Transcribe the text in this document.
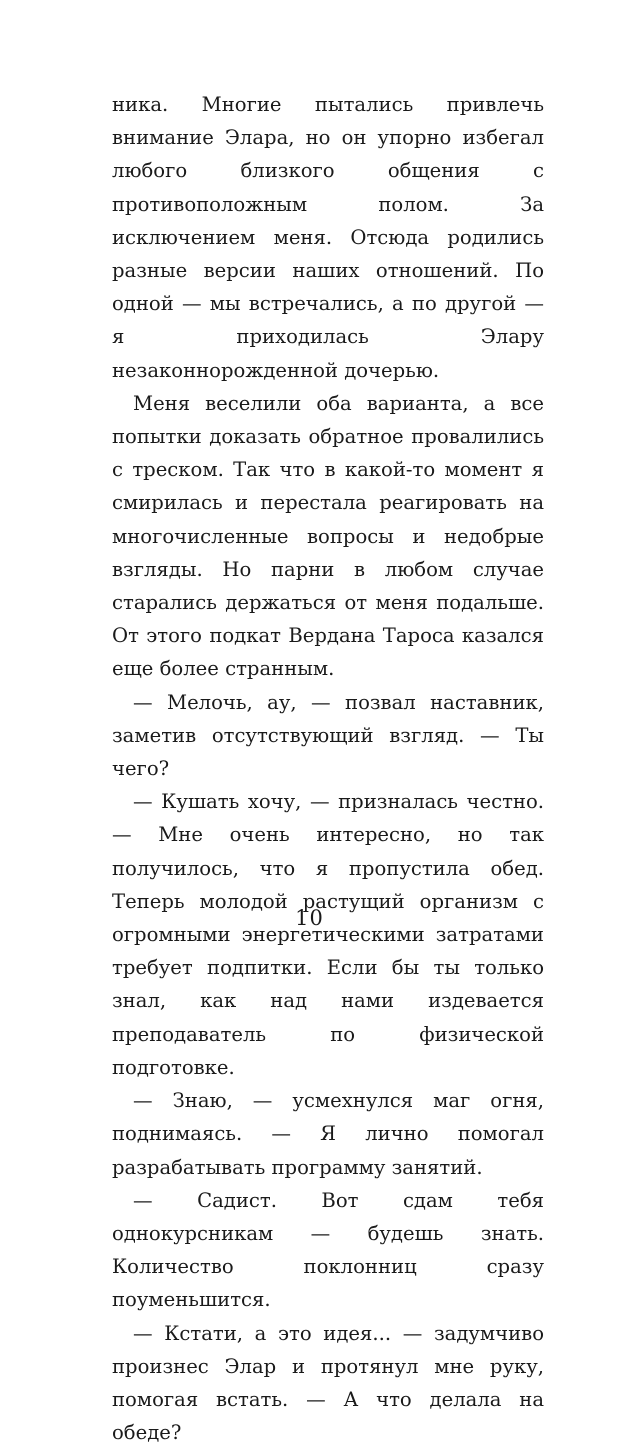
ника. Многие пытались привлечь внимание Элара, но он упорно избегал любого близкого общения с противоположным полом. За исключением меня. Отсюда родились разные версии наших отношений. По одной — мы встречались, а по другой — я приходилась Элару незаконнорожденной дочерью.

Меня веселили оба варианта, а все попытки доказать обратное провалились с треском. Так что в какой-то момент я смирилась и перестала реагировать на многочисленные вопросы и недобрые взгляды. Но парни в любом случае старались держаться от меня подальше. От этого подкат Вердана Тароса казался еще более странным.

— Мелочь, ау, — позвал наставник, заметив отсутствующий взгляд. — Ты чего?

— Кушать хочу, — призналась честно. — Мне очень интересно, но так получилось, что я пропустила обед. Теперь молодой растущий организм с огромными энергетическими затратами требует подпитки. Если бы ты только знал, как над нами издевается преподаватель по физической подготовке.

— Знаю, — усмехнулся маг огня, поднимаясь. — Я лично помогал разрабатывать программу занятий.

— Садист. Вот сдам тебя однокурсникам — будешь знать. Количество поклонниц сразу поуменьшится.

— Кстати, а это идея... — задумчиво произнес Элар и протянул мне руку, помогая встать. — А что делала на обеде?

10
